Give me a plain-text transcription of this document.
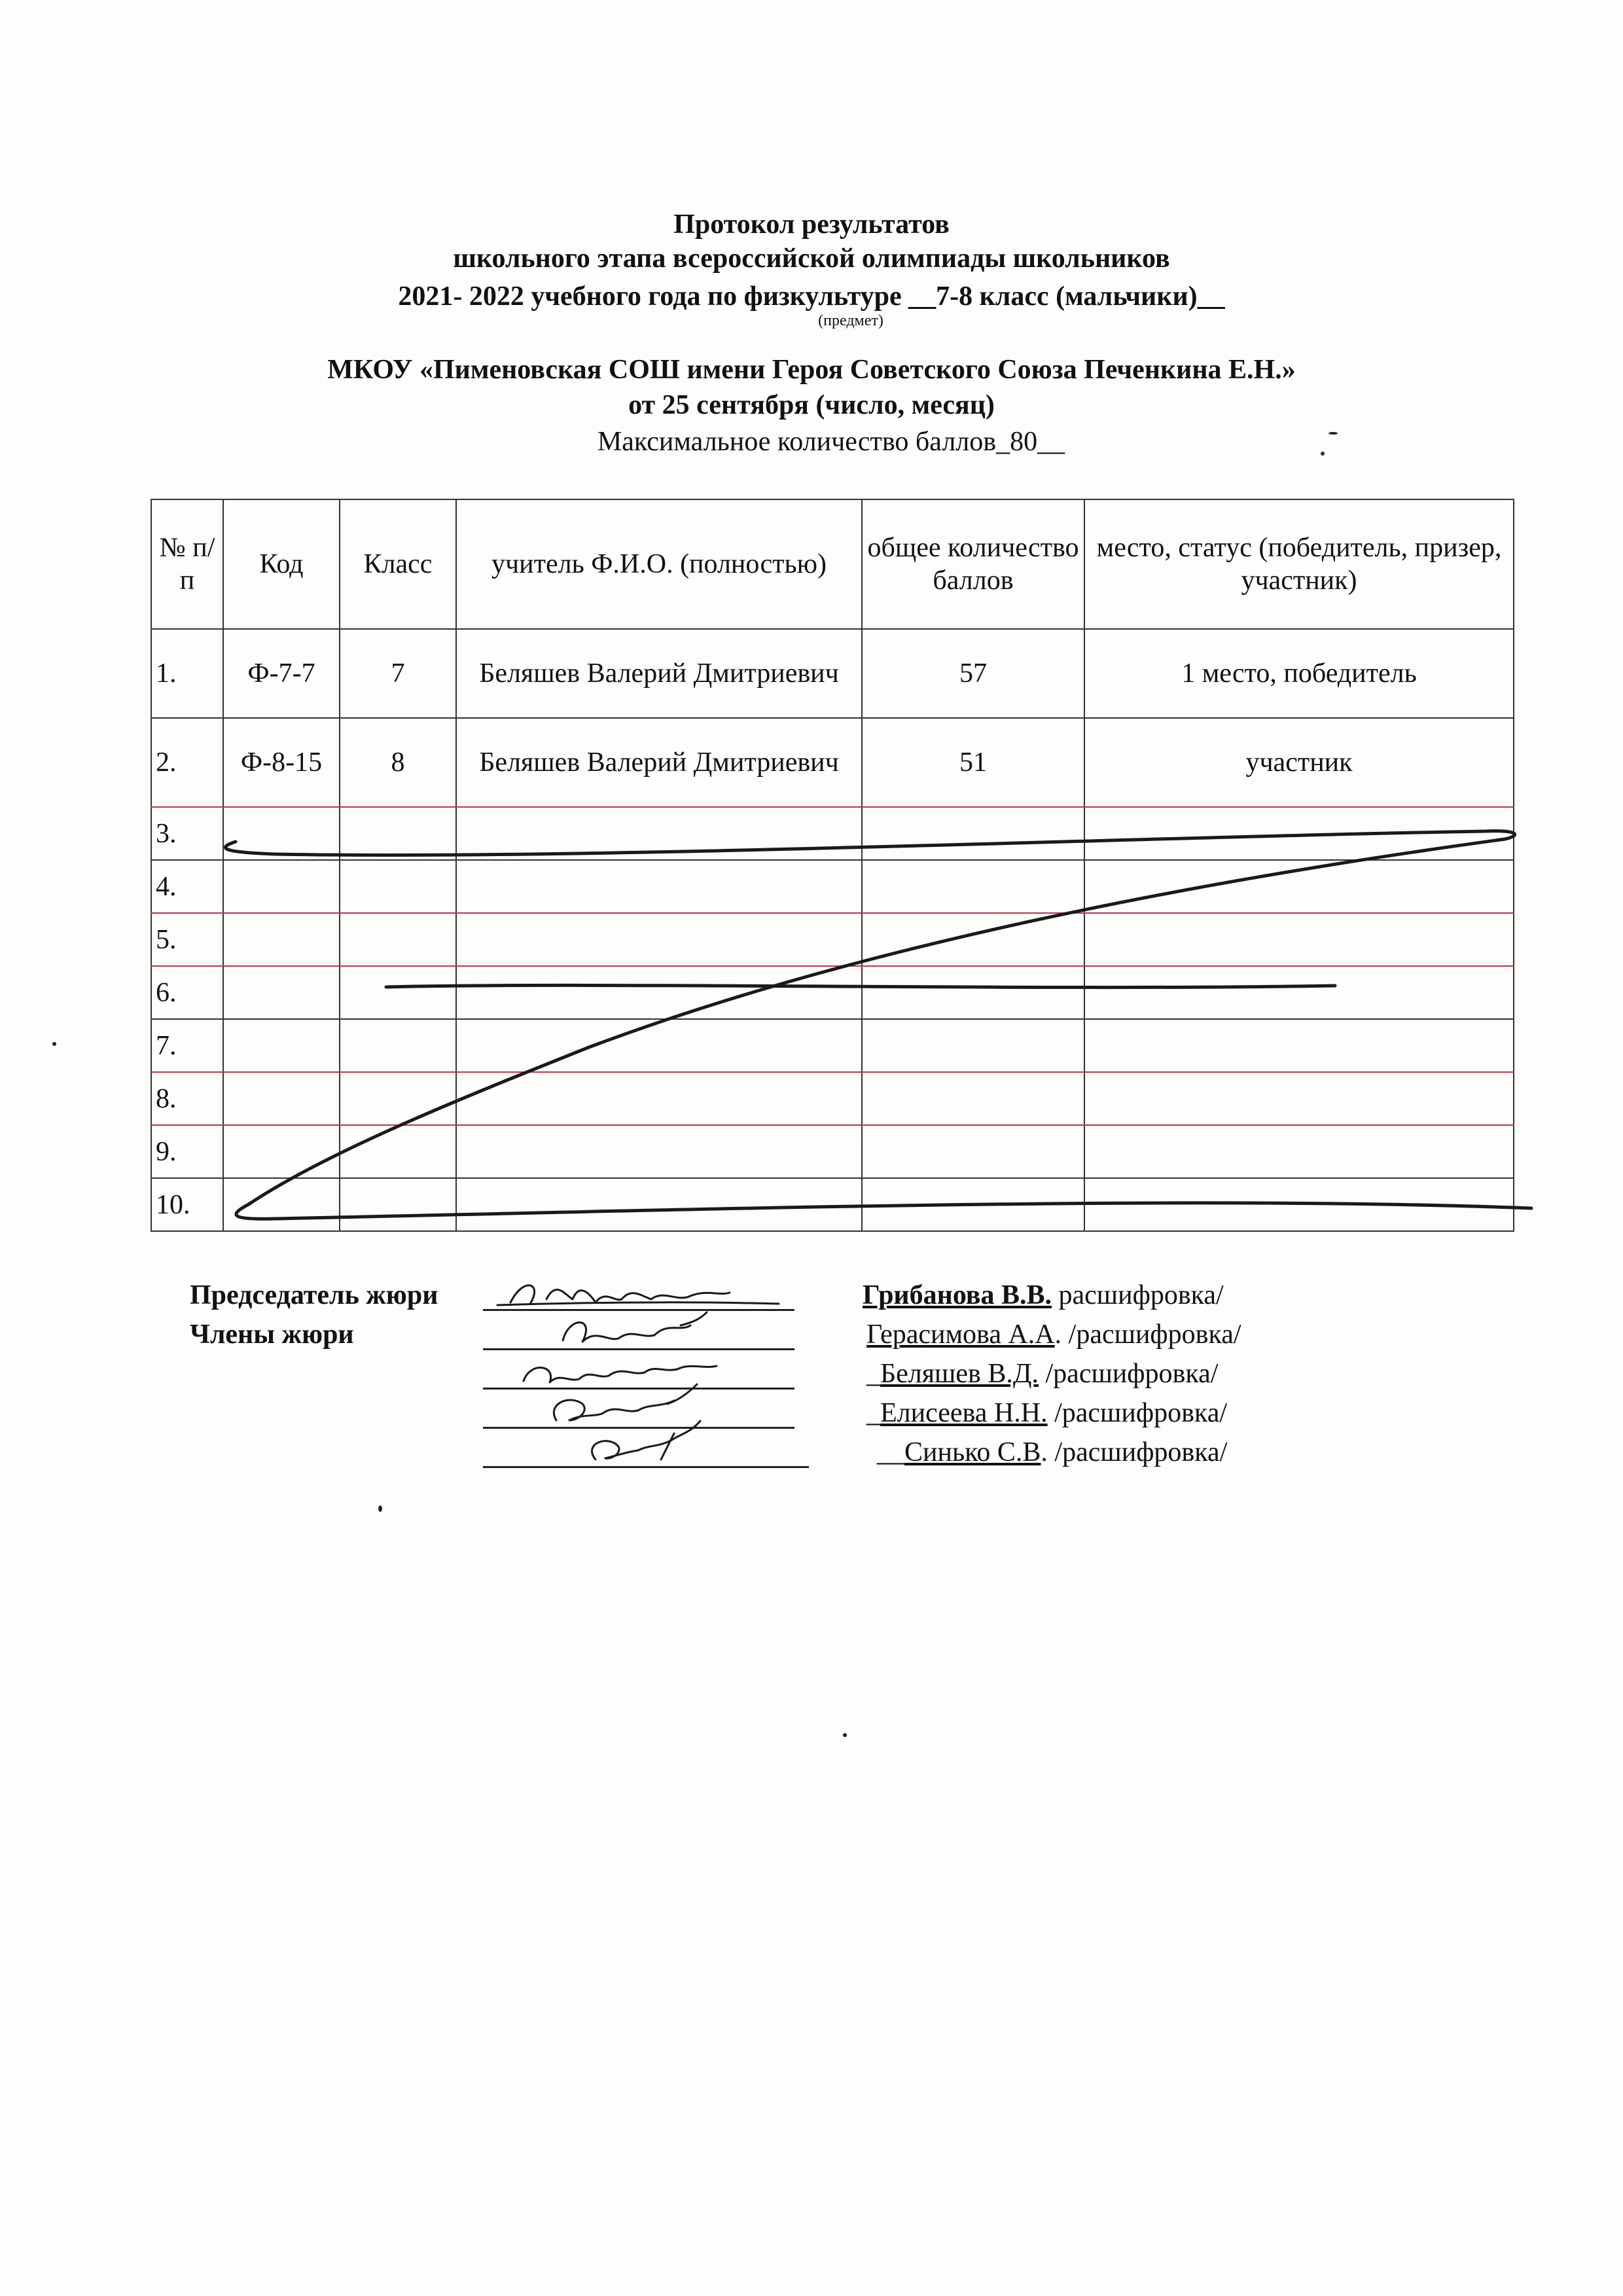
Протокол результатов
школьного этапа всероссийской олимпиады школьников
2021- 2022 учебного года по физкультуре __7-8 класс (мальчики)__
(предмет)
МКОУ «Пименовская СОШ имени Героя Советского Союза Печенкина Е.Н.»
от 25 сентября (число, месяц)
Максимальное количество баллов_80__
№ п/п	Код	Класс	учитель Ф.И.О. (полностью)	общее количество баллов	место, статус (победитель, призер, участник)
1.	Ф-7-7	7	Беляшев Валерий Дмитриевич	57	1 место, победитель
2.	Ф-8-15	8	Беляшев Валерий Дмитриевич	51	участник
3.					
4.					
5.					
6.					
7.					
8.					
9.					
10.					
Председатель жюри
Члены жюри
Грибанова В.В. расшифровка/
Герасимова А.А. /расшифровка/
_Беляшев В.Д. /расшифровка/
_Елисеева Н.Н. /расшифровка/
__Синько С.В. /расшифровка/
